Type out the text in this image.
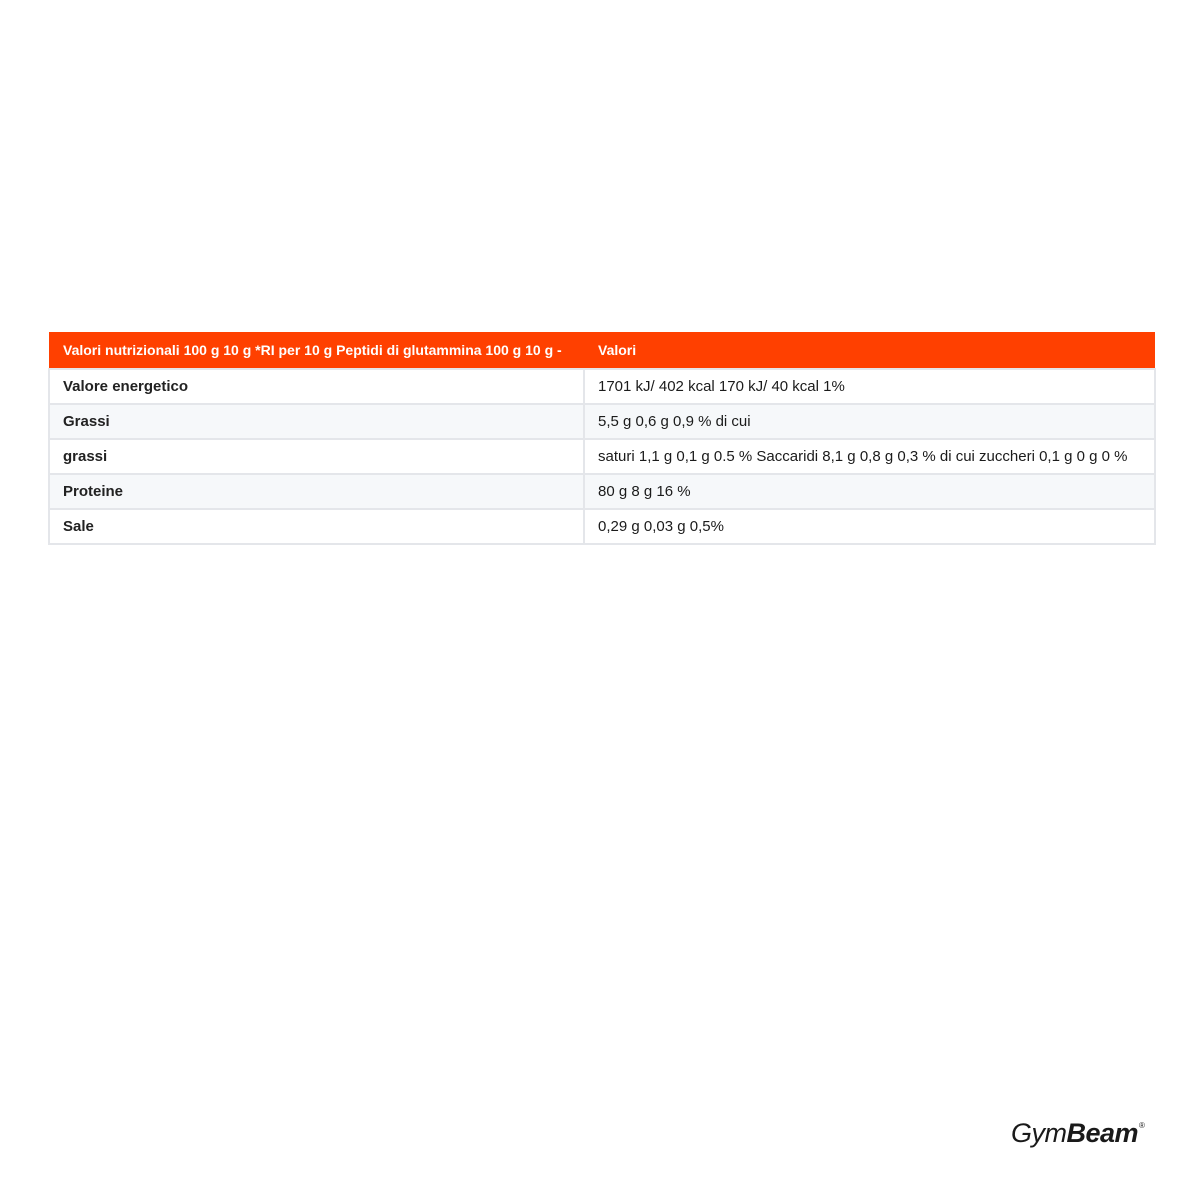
Valori nutrizionali 100 g 10 g *RI per 10 g Peptidi di glutammina 100 g 10 g -	Valori
Valore energetico	1701 kJ/ 402 kcal 170 kJ/ 40 kcal 1%
Grassi	5,5 g 0,6 g 0,9 % di cui
grassi	saturi 1,1 g 0,1 g 0.5 % Saccaridi 8,1 g 0,8 g 0,3 % di cui zuccheri 0,1 g 0 g 0 %
Proteine	80 g 8 g 16 %
Sale	0,29 g 0,03 g 0,5%
GymBeam®
